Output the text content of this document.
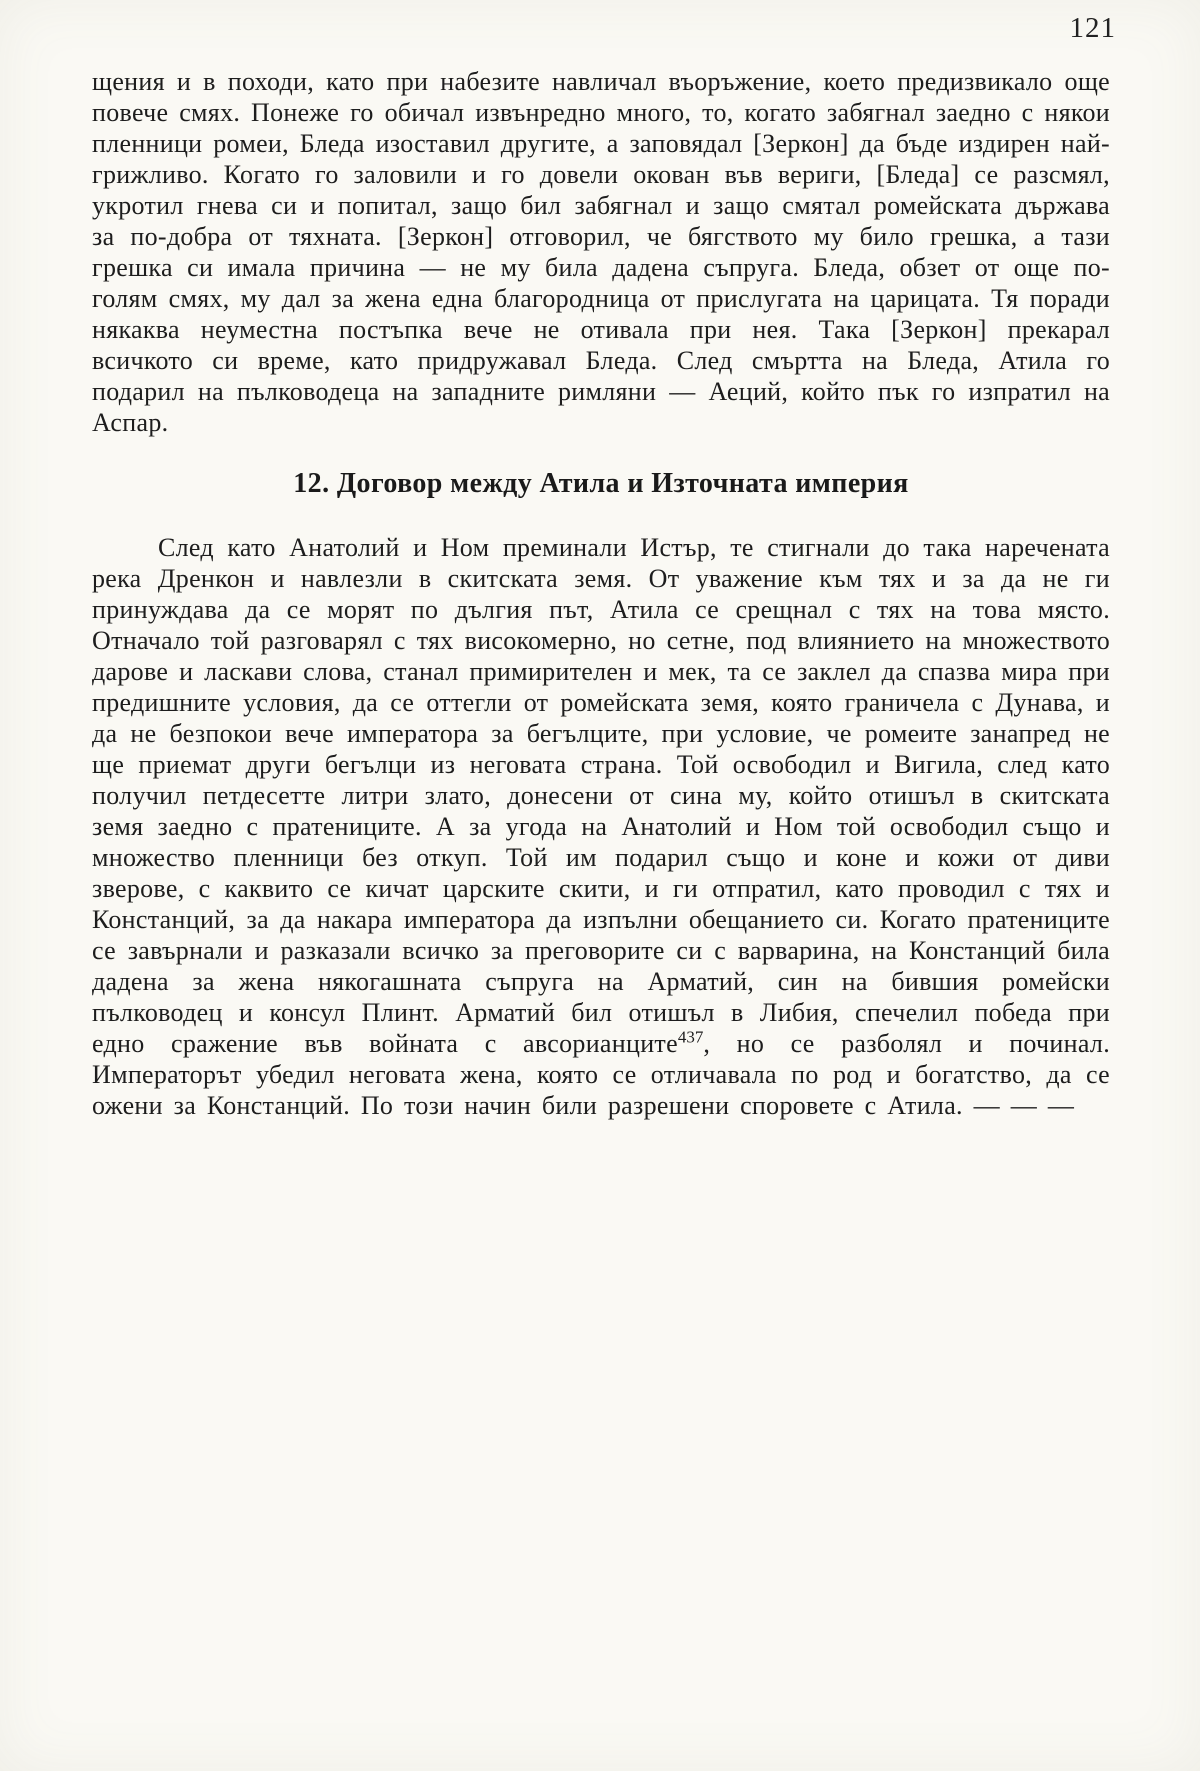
121

щения и в походи, като при набезите навличал въоръжение, което предизвикало още повече смях. Понеже го обичал извънредно много, то, когато забягнал заедно с някои пленници ромеи, Бледа изоставил другите, а заповядал [Зеркон] да бъде издирен най-грижливо. Когато го заловили и го довели окован във вериги, [Бледа] се разсмял, укротил гнева си и попитал, защо бил забягнал и защо смятал ромейската държава за по-добра от тяхната. [Зеркон] отговорил, че бягството му било грешка, а тази грешка си имала причина — не му била дадена съпруга. Бледа, обзет от още по-голям смях, му дал за жена една благородница от прислугата на царицата. Тя поради някаква неуместна постъпка вече не отивала при нея. Така [Зеркон] прекарал всичкото си време, като придружавал Бледа. След смъртта на Бледа, Атила го подарил на пълководеца на западните римляни — Аеций, който пък го изпратил на Аспар.

12. Договор между Атила и Източната империя

След като Анатолий и Ном преминали Истър, те стигнали до така наречената река Дренкон и навлезли в скитската земя. От уважение към тях и за да не ги принуждава да се морят по дългия път, Атила се срещнал с тях на това място. Отначало той разговарял с тях високомерно, но сетне, под влиянието на множеството дарове и ласкави слова, станал примирителен и мек, та се заклел да спазва мира при предишните условия, да се оттегли от ромейската земя, която граничела с Дунава, и да не безпокои вече императора за бегълците, при условие, че ромеите занапред не ще приемат други бегълци из неговата страна. Той освободил и Вигила, след като получил петдесетте литри злато, донесени от сина му, който отишъл в скитската земя заедно с пратениците. А за угода на Анатолий и Ном той освободил също и множество пленници без откуп. Той им подарил също и коне и кожи от диви зверове, с каквито се кичат царските скити, и ги отпратил, като проводил с тях и Констанций, за да накара императора да изпълни обещанието си. Когато пратениците се завърнали и разказали всичко за преговорите си с варварина, на Констанций била дадена за жена някогашната съпруга на Арматий, син на бившия ромейски пълководец и консул Плинт. Арматий бил отишъл в Либия, спечелил победа при едно сражение във войната с авсорианците$^{437}$, но се разболял и починал. Императорът убедил неговата жена, която се отличавала по род и богатство, да се ожени за Констанций. По този начин били разрешени споровете с Атила. — — —
